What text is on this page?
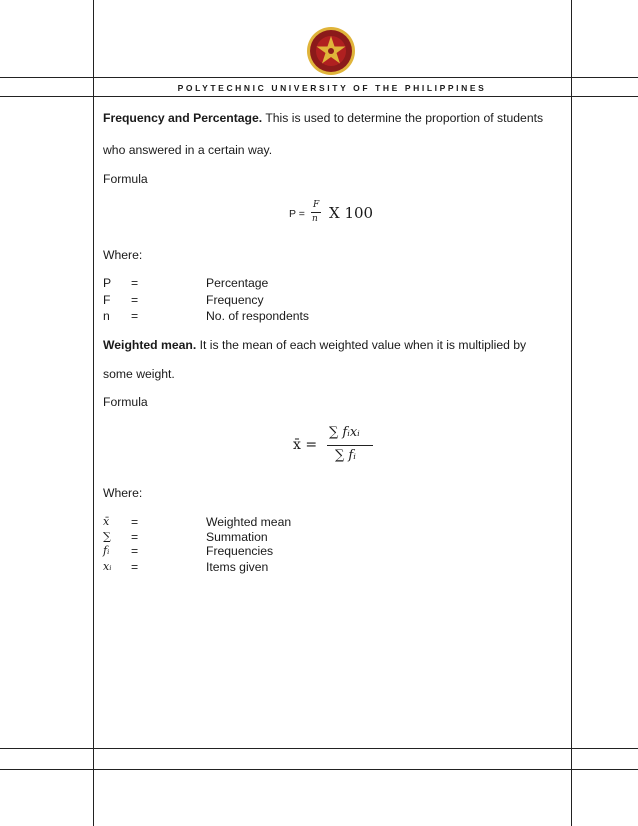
POLYTECHNIC UNIVERSITY OF THE PHILIPPINES
Frequency and Percentage. This is used to determine the proportion of students
who answered in a certain way.
Formula
P =
F
n X 100
Where:
P =	Percentage
F =	Frequency
n =	No. of respondents
Weighted mean. It is the mean of each weighted value when it is multiplied by
some weight.
Formula
x̄ =
∑ fᵢxᵢ
∑ fᵢ
Where:
x̄ =	Weighted mean
∑ =	Summation
fᵢ =	Frequencies
xᵢ =	Items given
